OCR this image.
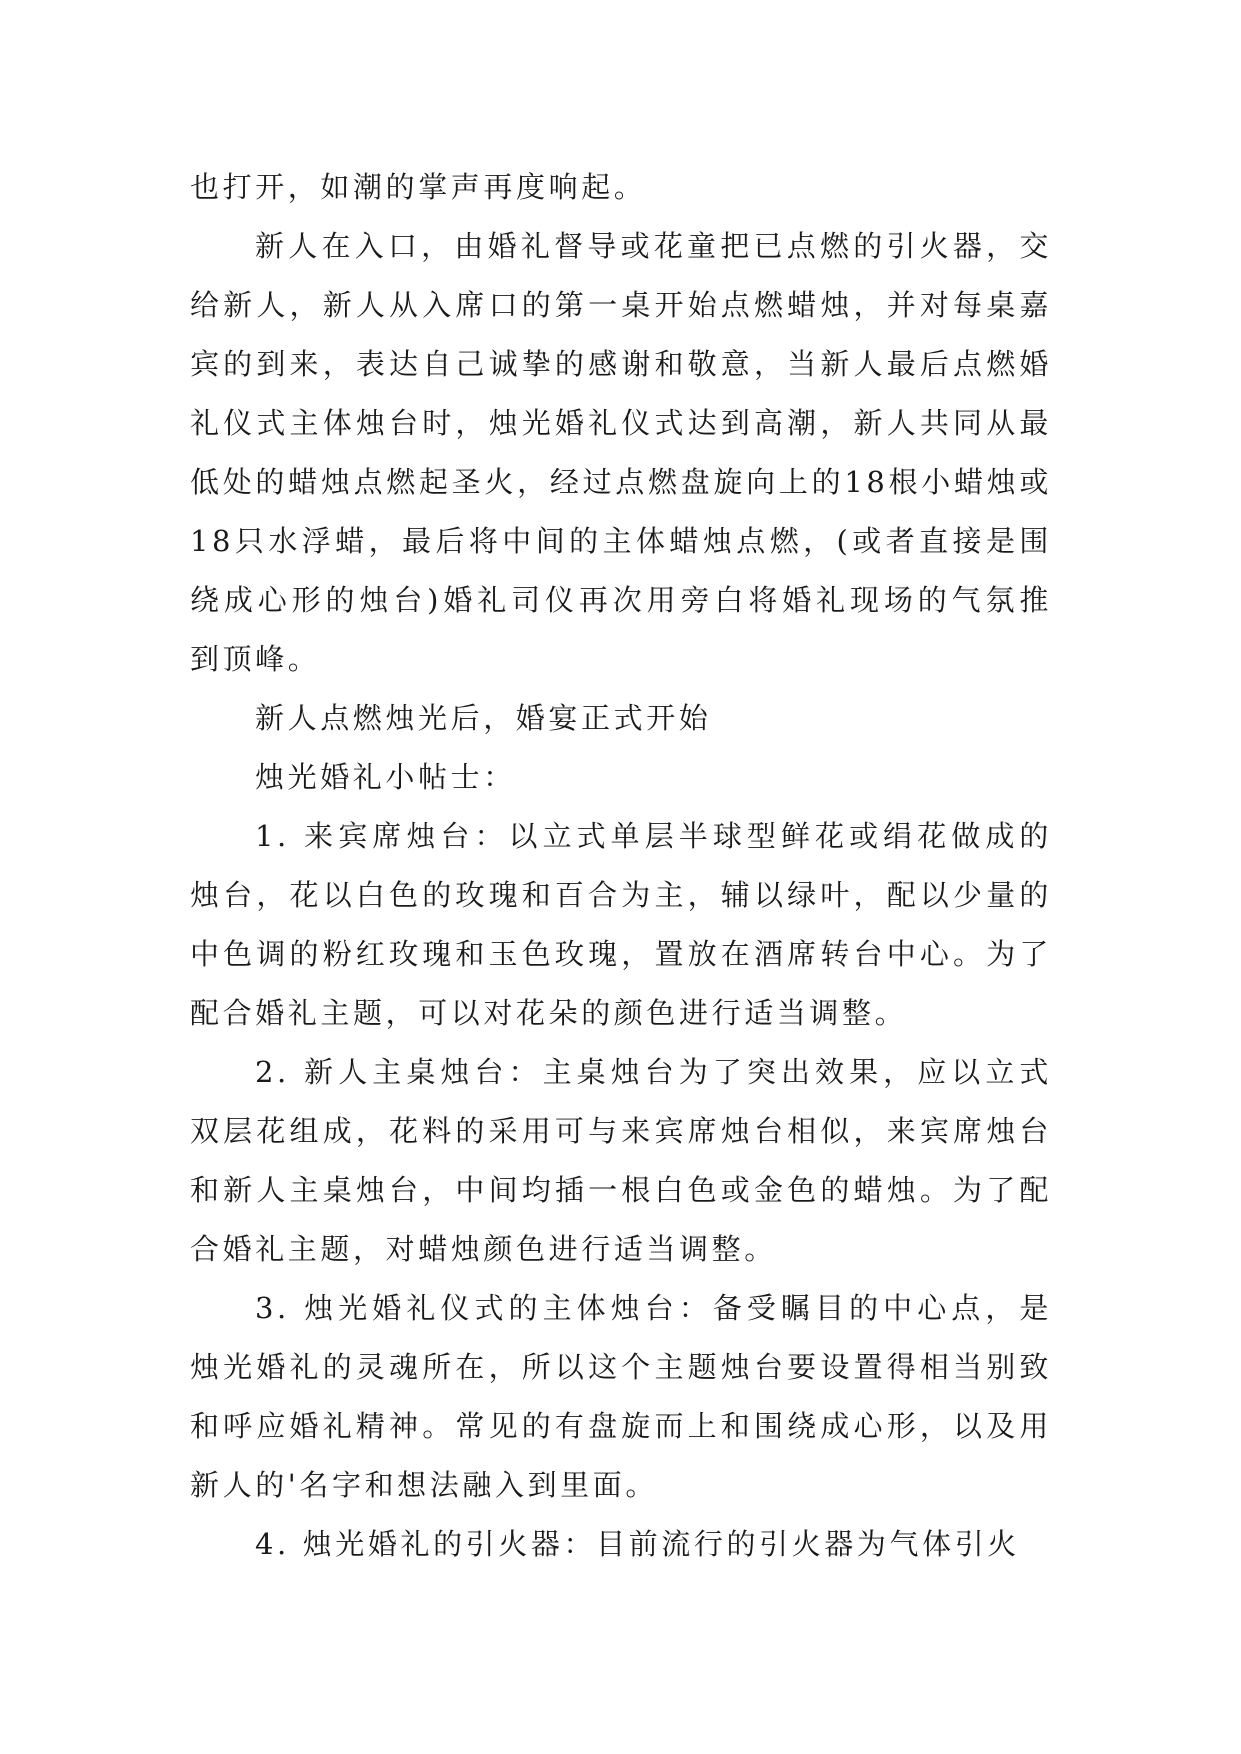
也打开，如潮的掌声再度响起。

新人在入口，由婚礼督导或花童把已点燃的引火器，交给新人，新人从入席口的第一桌开始点燃蜡烛，并对每桌嘉宾的到来，表达自己诚挚的感谢和敬意，当新人最后点燃婚礼仪式主体烛台时，烛光婚礼仪式达到高潮，新人共同从最低处的蜡烛点燃起圣火，经过点燃盘旋向上的18根小蜡烛或18只水浮蜡，最后将中间的主体蜡烛点燃，(或者直接是围绕成心形的烛台)婚礼司仪再次用旁白将婚礼现场的气氛推到顶峰。

新人点燃烛光后，婚宴正式开始

烛光婚礼小帖士：

1. 来宾席烛台：以立式单层半球型鲜花或绢花做成的烛台，花以白色的玫瑰和百合为主，辅以绿叶，配以少量的中色调的粉红玫瑰和玉色玫瑰，置放在酒席转台中心。为了配合婚礼主题，可以对花朵的颜色进行适当调整。

2. 新人主桌烛台：主桌烛台为了突出效果，应以立式双层花组成，花料的采用可与来宾席烛台相似，来宾席烛台和新人主桌烛台，中间均插一根白色或金色的蜡烛。为了配合婚礼主题，对蜡烛颜色进行适当调整。

3. 烛光婚礼仪式的主体烛台：备受瞩目的中心点，是烛光婚礼的灵魂所在，所以这个主题烛台要设置得相当别致和呼应婚礼精神。常见的有盘旋而上和围绕成心形，以及用新人的'名字和想法融入到里面。

4. 烛光婚礼的引火器：目前流行的引火器为气体引火
